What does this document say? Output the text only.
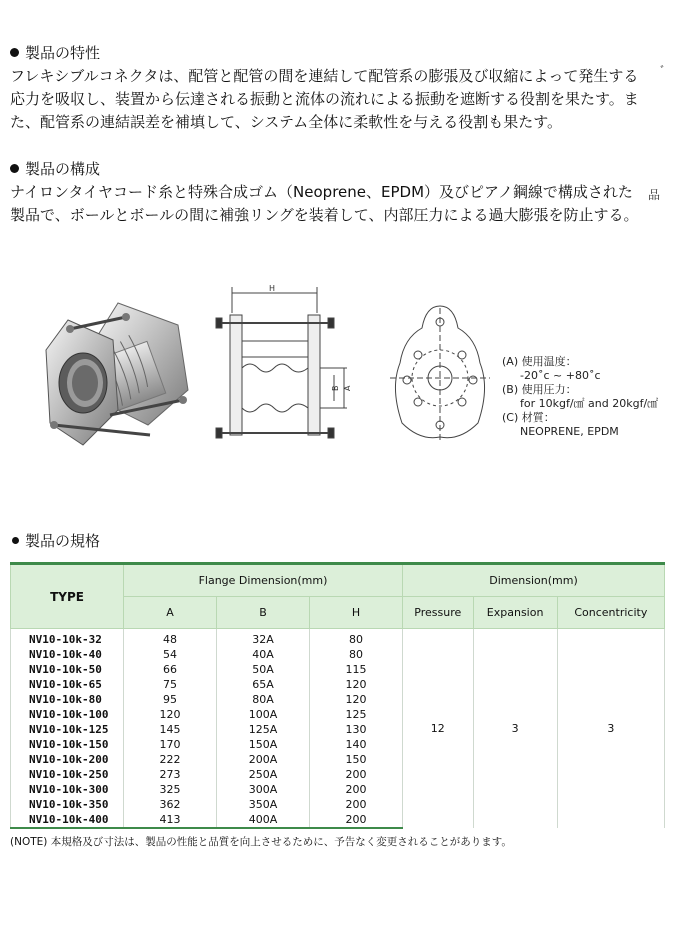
製品の特性
フレキシブルコネクタは、配管と配管の間を連結して配管系の膨張及び収縮によって発生する
応力を吸収し、装置から伝達される振動と流体の流れによる振動を遮断する役割を果たす。ま
た、配管系の連結誤差を補填して、システム全体に柔軟性を与える役割も果たす。
ﾞ
製品の構成
ナイロンタイヤコード糸と特殊合成ゴム（Neoprene、EPDM）及びピアノ鋼線で構成された
製品で、ボールとボールの間に補強リングを装着して、内部圧力による過大膨張を防止する。
品
H
A
B
(A) 使用温度：
-20˚c ~ +80˚c
(B) 使用圧力：
for 10kgf/㎠ and 20kgf/㎠
(C) 材質：
NEOPRENE, EPDM
製品の規格
TYPE	Flange Dimension(mm)			Dimension(mm)		
	A	B	H	Pressure	Expansion	Concentricity
NV10-10k-32	48	32A	80	12	3	3
NV10-10k-40	54	40A	80			
NV10-10k-50	66	50A	115			
NV10-10k-65	75	65A	120			
NV10-10k-80	95	80A	120			
NV10-10k-100	120	100A	125			
NV10-10k-125	145	125A	130			
NV10-10k-150	170	150A	140			
NV10-10k-200	222	200A	150			
NV10-10k-250	273	250A	200			
NV10-10k-300	325	300A	200			
NV10-10k-350	362	350A	200			
NV10-10k-400	413	400A	200			
(NOTE) 本規格及び寸法は、製品の性能と品質を向上させるために、予告なく変更されることがあります。
